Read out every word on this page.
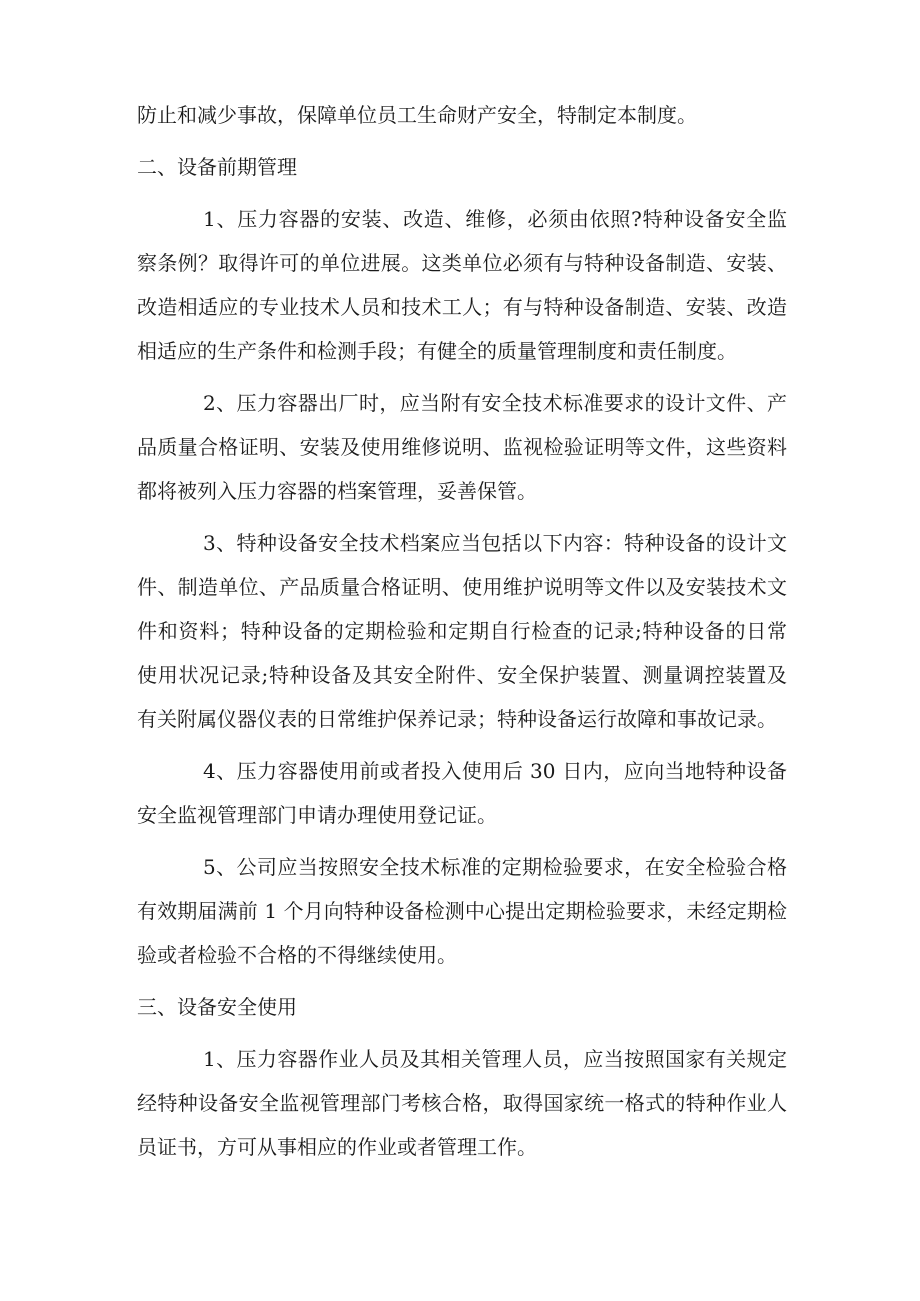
防止和减少事故，保障单位员工生命财产安全，特制定本制度。
二、设备前期管理
1、压力容器的安装、改造、维修，必须由依照?特种设备安全监
察条例？取得许可的单位进展。这类单位必须有与特种设备制造、安装、
改造相适应的专业技术人员和技术工人；有与特种设备制造、安装、改造
相适应的生产条件和检测手段；有健全的质量管理制度和责任制度。
2、压力容器出厂时，应当附有安全技术标准要求的设计文件、产
品质量合格证明、安装及使用维修说明、监视检验证明等文件，这些资料
都将被列入压力容器的档案管理，妥善保管。
3、特种设备安全技术档案应当包括以下内容：特种设备的设计文
件、制造单位、产品质量合格证明、使用维护说明等文件以及安装技术文
件和资料；特种设备的定期检验和定期自行检查的记录;特种设备的日常
使用状况记录;特种设备及其安全附件、安全保护装置、测量调控装置及
有关附属仪器仪表的日常维护保养记录；特种设备运行故障和事故记录。
4、压力容器使用前或者投入使用后 30 日内，应向当地特种设备
安全监视管理部门申请办理使用登记证。
5、公司应当按照安全技术标准的定期检验要求，在安全检验合格
有效期届满前 1 个月向特种设备检测中心提出定期检验要求，未经定期检
验或者检验不合格的不得继续使用。
三、设备安全使用
1、压力容器作业人员及其相关管理人员，应当按照国家有关规定
经特种设备安全监视管理部门考核合格，取得国家统一格式的特种作业人
员证书，方可从事相应的作业或者管理工作。
